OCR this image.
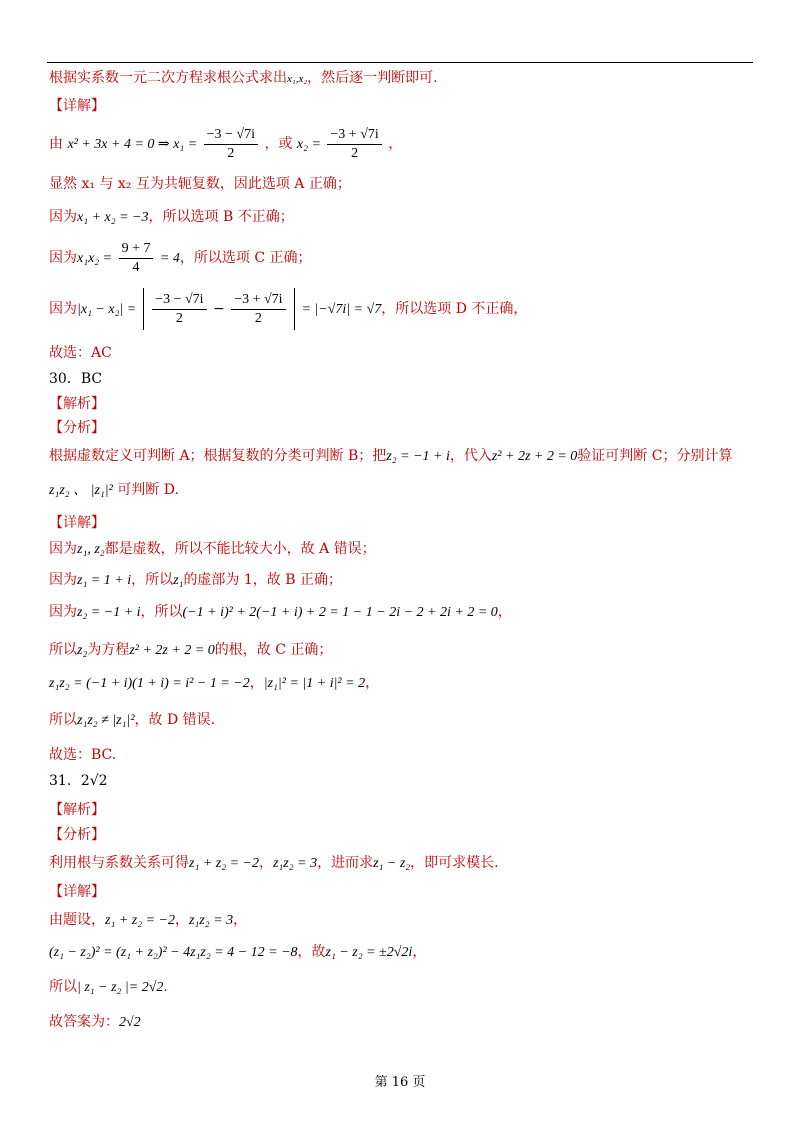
根据实系数一元二次方程求根公式求出x₁,x₂，然后逐一判断即可.
【详解】
由 x² + 3x + 4 = 0 ⇒ $x_1 = \frac{-3 - √7i}{2}$ ，或 $x_2 = \frac{-3 + √7i}{2}$ ，
显然 x₁ 与 x₂ 互为共轭复数，因此选项 A 正确；
因为x₁ + x₂ = −3，所以选项 B 不正确；
因为$x_1x_2 = \frac{9 + 7}{4} = 4$，所以选项 C 正确；
因为$|x_1 - x_2| = \frac{-3 - √7i}{2} - \frac{-3 + √7i}{2} = |-√7i| = √7$，所以选项 D 不正确，
故选：AC
30．BC
【解析】
【分析】
根据虚数定义可判断 A；根据复数的分类可判断 B；把z₂ = −1 + i，代入z² + 2z + 2 = 0验证可判断 C；分别计算
z₁z₂ 、 |z₁|² 可判断 D.
【详解】
因为z₁, z₂都是虚数，所以不能比较大小，故 A 错误；
因为z₁ = 1 + i，所以z₁的虚部为 1，故 B 正确；
因为z₂ = −1 + i，所以(−1 + i)² + 2(−1 + i) + 2 = 1 − 1 − 2i − 2 + 2i + 2 = 0，
所以z₂为方程z² + 2z + 2 = 0的根，故 C 正确；
z₁z₂ = (−1 + i)(1 + i) = i² − 1 = −2，|z₁|² = |1 + i|² = 2，
所以z₁z₂ ≠ |z₁|²，故 D 错误.
故选：BC.
31．2√2
【解析】
【分析】
利用根与系数关系可得z₁ + z₂ = −2，z₁z₂ = 3，进而求z₁ − z₂，即可求模长.
【详解】
由题设，z₁ + z₂ = −2，z₁z₂ = 3，
(z₁ − z₂)² = (z₁ + z₂)² − 4z₁z₂ = 4 − 12 = −8，故z₁ − z₂ = ±2√2i，
所以| z₁ − z₂ |= 2√2.
故答案为：2√2
第 16 页
